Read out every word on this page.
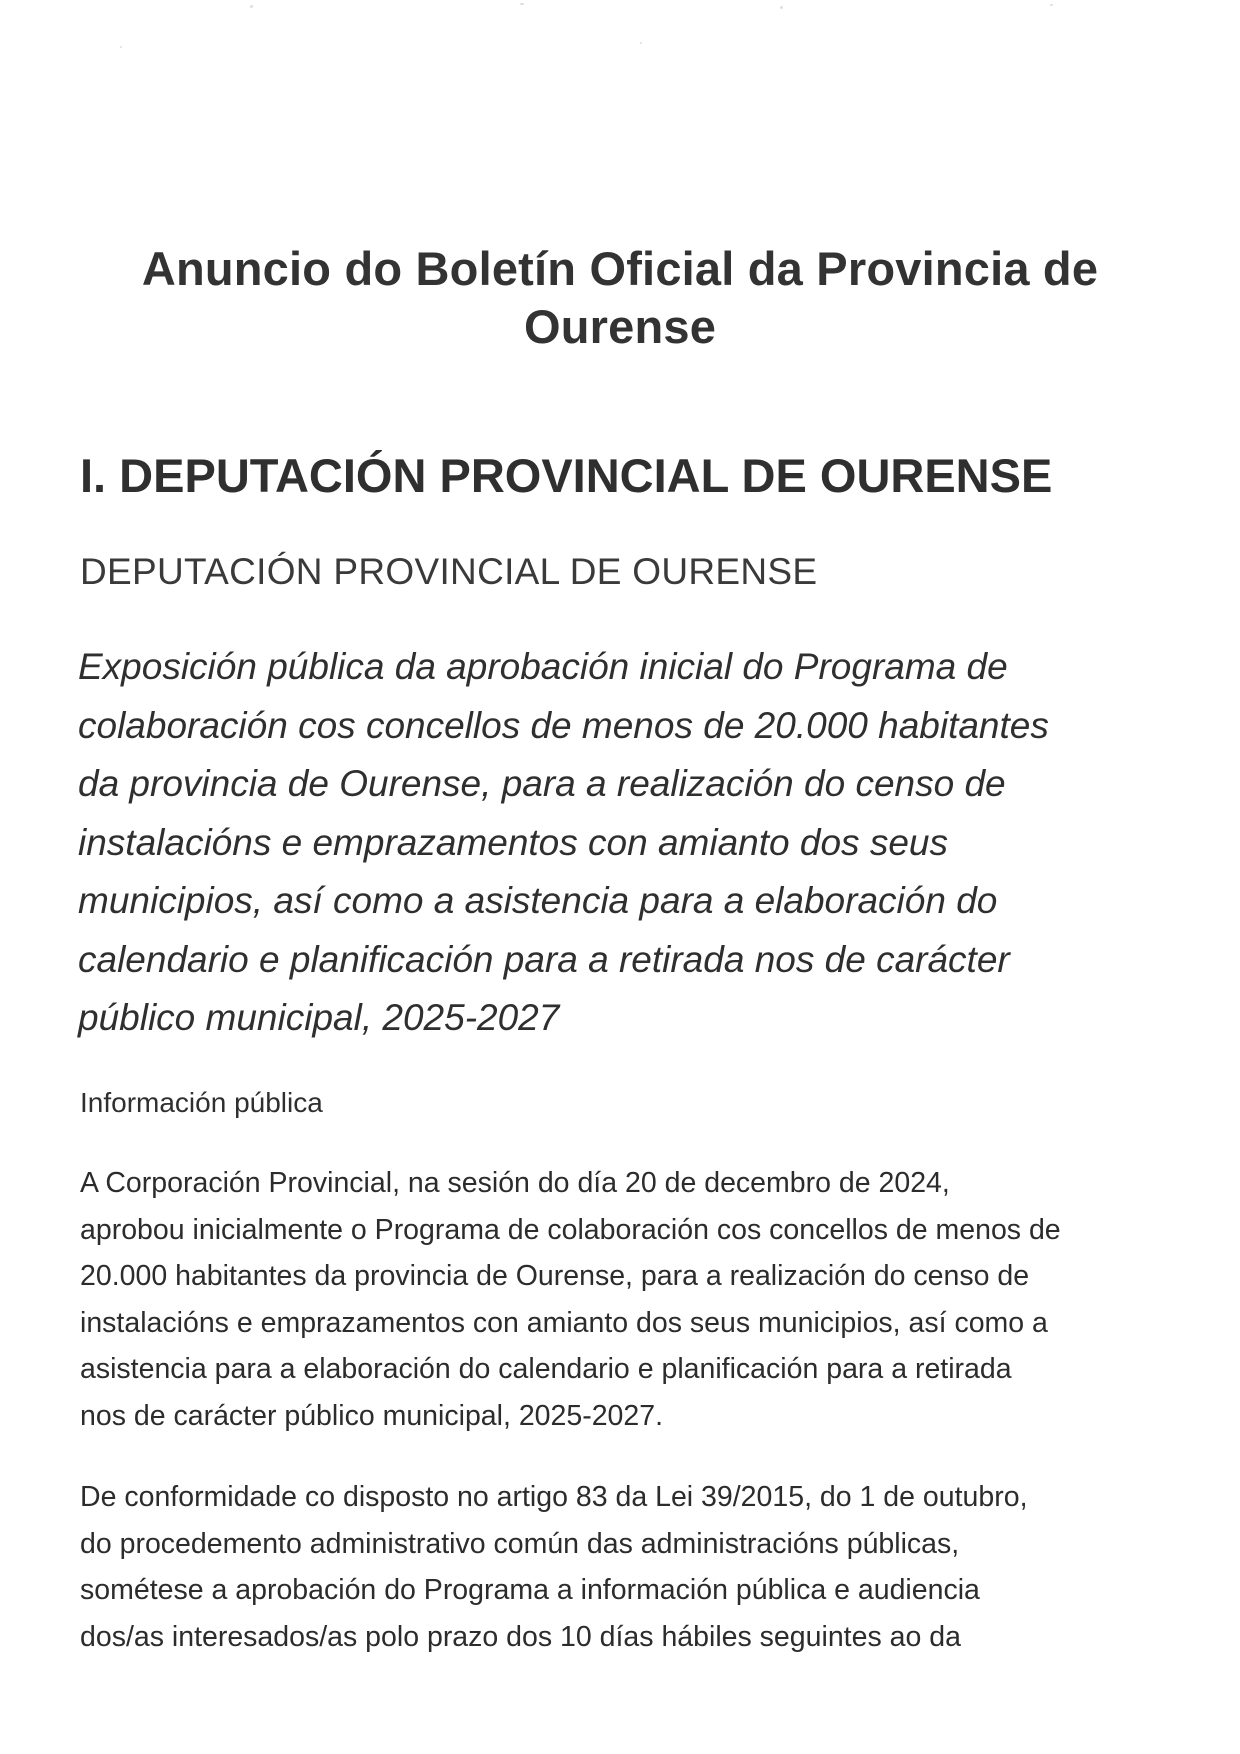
Anuncio do Boletín Oficial da Provincia de
Ourense
I. DEPUTACIÓN PROVINCIAL DE OURENSE

DEPUTACIÓN PROVINCIAL DE OURENSE

Exposición pública da aprobación inicial do Programa de
colaboración cos concellos de menos de 20.000 habitantes
da provincia de Ourense, para a realización do censo de
instalacións e emprazamentos con amianto dos seus
municipios, así como a asistencia para a elaboración do
calendario e planificación para a retirada nos de carácter
público municipal, 2025-2027

Información pública

A Corporación Provincial, na sesión do día 20 de decembro de 2024,
aprobou inicialmente o Programa de colaboración cos concellos de menos de
20.000 habitantes da provincia de Ourense, para a realización do censo de
instalacións e emprazamentos con amianto dos seus municipios, así como a
asistencia para a elaboración do calendario e planificación para a retirada
nos de carácter público municipal, 2025-2027.

De conformidade co disposto no artigo 83 da Lei 39/2015, do 1 de outubro,
do procedemento administrativo común das administracións públicas,
sométese a aprobación do Programa a información pública e audiencia
dos/as interesados/as polo prazo dos 10 días hábiles seguintes ao da
